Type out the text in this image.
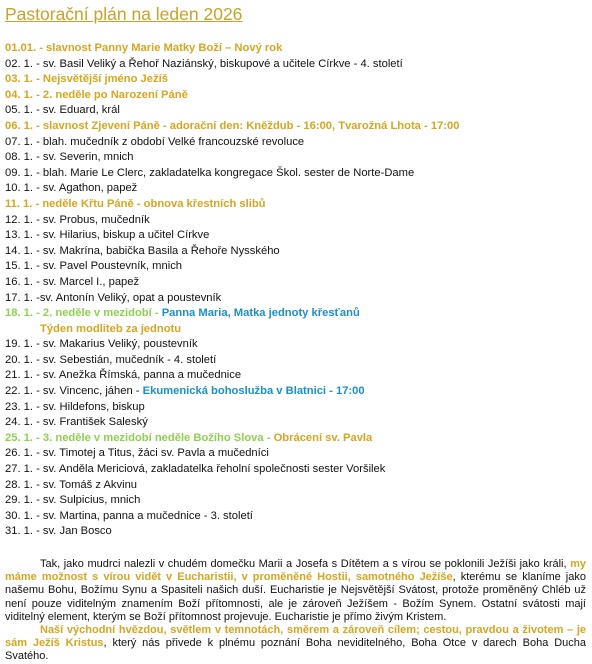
Pastorační plán na leden 2026
01.01. - slavnost Panny Marie Matky Boží – Nový rok
02. 1. - sv. Basil Veliký a Řehoř Naziánský, biskupové a učitele Církve - 4. století
03. 1. - Nejsvětější jméno Ježíš
04. 1. - 2. neděle po Narození Páně
05. 1. - sv. Eduard, král
06. 1. - slavnost Zjevení Páně - adorační den: Kněždub - 16:00, Tvarožná Lhota - 17:00
07. 1. - blah. mučedník z období Velké francouzské revoluce
08. 1. - sv. Severin, mnich
09. 1. - blah. Marie Le Clerc, zakladatelka kongregace Škol. sester de Norte-Dame
10. 1. - sv. Agathon, papež
11. 1. - neděle Křtu Páně - obnova křestních slibů
12. 1. - sv. Probus, mučedník
13. 1. - sv. Hilarius, biskup a učitel Církve
14. 1. - sv. Makrína, babička Basila a Řehoře Nysského
15. 1. - sv. Pavel Poustevník, mnich
16. 1. - sv. Marcel I., papež
17. 1. -sv. Antonín Veliký, opat a poustevník
18. 1. - 2. neděle v mezidobí - Panna Maria, Matka jednoty křesťanů
Týden modliteb za jednotu
19. 1. - sv. Makarius Veliký, poustevník
20. 1. - sv. Sebestián, mučedník - 4. století
21. 1. - sv. Anežka Římská, panna a mučednice
22. 1. - sv. Vincenc, jáhen - Ekumenická bohoslužba v Blatnici - 17:00
23. 1. - sv. Hildefons, biskup
24. 1. - sv. František Saleský
25. 1. - 3. neděle v mezidobí neděle Božího Slova - Obrácení sv. Pavla
26. 1. - sv. Timotej a Titus, žáci sv. Pavla a mučedníci
27. 1. - sv. Anděla Mericiová, zakladatelka řeholní společnosti sester Voršilek
28. 1. - sv. Tomáš z Akvinu
29. 1. - sv. Sulpicius, mnich
30. 1. - sv. Martina, panna a mučednice - 3. století
31. 1. - sv. Jan Bosco

Tak, jako mudrci nalezli v chudém domečku Marii a Josefa s Dítětem a s vírou se poklonili Ježíši jako králi, my máme možnost s vírou vidět v Eucharistii, v proměněné Hostii, samotného Ježíše, kterému se klaníme jako našemu Bohu, Božímu Synu a Spasiteli našich duší. Eucharistie je Nejsvětější Svátost, protože proměněný Chléb už není pouze viditelným znamením Boží přítomnosti, ale je zároveň Ježíšem - Božím Synem. Ostatní svátosti mají viditelný element, kterým se Boží přítomnost projevuje. Eucharistie je přímo živým Kristem.

Naší východní hvězdou, světlem v temnotách, směrem a zároveň cílem; cestou, pravdou a životem – je sám Ježíš Kristus, který nás přivede k plnému poznání Boha neviditelného, Boha Otce v darech Boha Ducha Svatého.
